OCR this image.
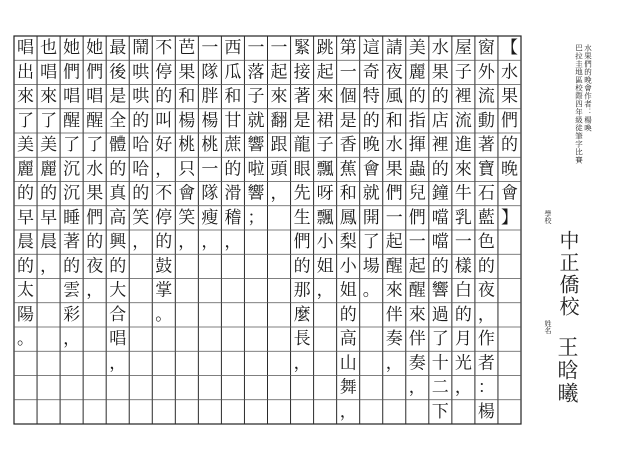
【
水
果
們
的
晚
會
】
窗
外
流
動
著
寶
石
藍
色
的
夜
，
作
者
：
楊
屋
子
裡
流
進
來
牛
乳
一
樣
白
的
月
光
，
水
果
的
店
裡
的
鐘
噹
噹
的
響
過
了
十
二
下
美
麗
的
指
揮
蟲
兒
們
一
起
醒
來
伴
奏
，
請
夜
風
和
水
果
們
一
起
醒
來
伴
奏
，
這
奇
特
的
晚
會
就
開
了
場
。
第
一
個
是
香
蕉
和
鳳
梨
小
姐
的
高
山
舞
，
跳
起
來
裙
子
飄
呀
飄
小
姐
，
緊
接
著
是
龍
眼
先
生
們
的
那
麼
長
，
一
起
來
翻
跟
頭
，
一
落
子
就
響
啦
響
；
西
瓜
和
甘
蔗
的
滑
稽
，
一
隊
胖
楊
桃
一
隊
瘦
，
芭
果
和
楊
桃
只
會
笑
，
不
停
的
叫
好
，
不
停
的
鼓
掌
。
鬧
哄
哄
的
哈
哈
的
笑
，
最
後
是
全
體
的
真
高
興
的
大
合
唱
，
她
們
唱
醒
了
水
果
們
的
夜
，
她
們
唱
醒
了
沉
沉
睡
著
的
雲
彩
，
也
唱
來
了
美
麗
的
早
晨
，
唱
出
來
了
美
麗
的
早
晨
的
太
陽
。
巴拉圭地區校際四年級徒筆字比賽 水果們的晚會作者：楊喚
學校
中正僑校
姓名
王晗曦
